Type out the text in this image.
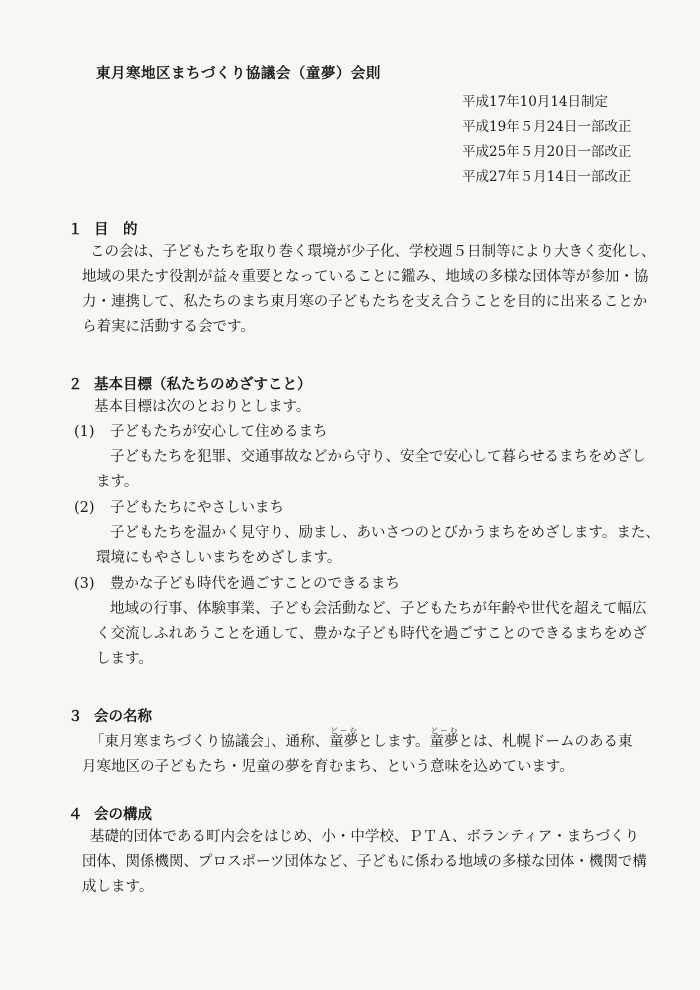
東月寒地区まちづくり協議会（童夢）会則
平成17年10月14日制定
平成19年５月24日一部改正
平成25年５月20日一部改正
平成27年５月14日一部改正
１ 目　的
この会は、子どもたちを取り巻く環境が少子化、学校週５日制等により大きく変化し、
地域の果たす役割が益々重要となっていることに鑑み、地域の多様な団体等が参加・協
力・連携して、私たちのまち東月寒の子どもたちを支え合うことを目的に出来ることか
ら着実に活動する会です。
２ 基本目標（私たちのめざすこと）
基本目標は次のとおりとします。
(1) 子どもたちが安心して住めるまち
子どもたちを犯罪、交通事故などから守り、安全で安心して暮らせるまちをめざし
ます。
(2) 子どもたちにやさしいまち
子どもたちを温かく見守り、励まし、あいさつのとびかうまちをめざします。また、
環境にもやさしいまちをめざします。
(3) 豊かな子ども時代を過ごすことのできるまち
地域の行事、体験事業、子ども会活動など、子どもたちが年齢や世代を超えて幅広
く交流しふれあうことを通して、豊かな子ども時代を過ごすことのできるまちをめざ
します。
３ 会の名称
「東月寒まちづくり協議会」、通称、童夢どーむとします。童夢どーむとは、札幌ドームのある東
月寒地区の子どもたち・児童の夢を育むまち、という意味を込めています。
４ 会の構成
基礎的団体である町内会をはじめ、小・中学校、ＰＴＡ、ボランティア・まちづくり
団体、関係機関、プロスポーツ団体など、子どもに係わる地域の多様な団体・機関で構
成します。
